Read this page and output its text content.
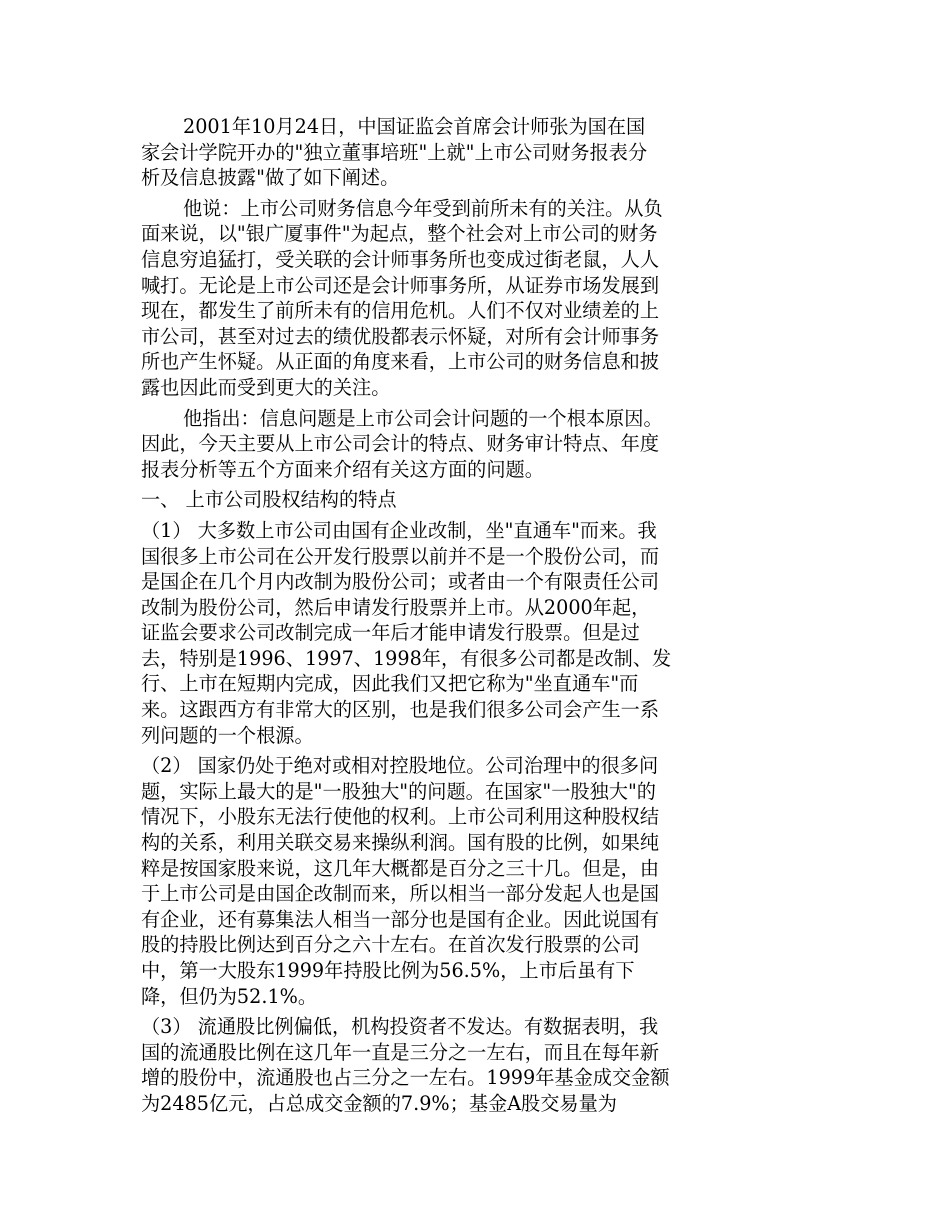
2001年10月24日，中国证监会首席会计师张为国在国
家会计学院开办的"独立董事培班"上就"上市公司财务报表分
析及信息披露"做了如下阐述。
他说：上市公司财务信息今年受到前所未有的关注。从负
面来说，以"银广厦事件"为起点，整个社会对上市公司的财务
信息穷追猛打，受关联的会计师事务所也变成过街老鼠，人人
喊打。无论是上市公司还是会计师事务所，从证券市场发展到
现在，都发生了前所未有的信用危机。人们不仅对业绩差的上
市公司，甚至对过去的绩优股都表示怀疑，对所有会计师事务
所也产生怀疑。从正面的角度来看，上市公司的财务信息和披
露也因此而受到更大的关注。
他指出：信息问题是上市公司会计问题的一个根本原因。
因此，今天主要从上市公司会计的特点、财务审计特点、年度
报表分析等五个方面来介绍有关这方面的问题。
一、 上市公司股权结构的特点
（1） 大多数上市公司由国有企业改制，坐"直通车"而来。我
国很多上市公司在公开发行股票以前并不是一个股份公司，而
是国企在几个月内改制为股份公司；或者由一个有限责任公司
改制为股份公司，然后申请发行股票并上市。从2000年起，
证监会要求公司改制完成一年后才能申请发行股票。但是过
去，特别是1996、1997、1998年，有很多公司都是改制、发
行、上市在短期内完成，因此我们又把它称为"坐直通车"而
来。这跟西方有非常大的区别，也是我们很多公司会产生一系
列问题的一个根源。
（2） 国家仍处于绝对或相对控股地位。公司治理中的很多问
题，实际上最大的是"一股独大"的问题。在国家"一股独大"的
情况下，小股东无法行使他的权利。上市公司利用这种股权结
构的关系，利用关联交易来操纵利润。国有股的比例，如果纯
粹是按国家股来说，这几年大概都是百分之三十几。但是，由
于上市公司是由国企改制而来，所以相当一部分发起人也是国
有企业，还有募集法人相当一部分也是国有企业。因此说国有
股的持股比例达到百分之六十左右。在首次发行股票的公司
中，第一大股东1999年持股比例为56.5%，上市后虽有下
降，但仍为52.1%。
（3） 流通股比例偏低，机构投资者不发达。有数据表明，我
国的流通股比例在这几年一直是三分之一左右，而且在每年新
增的股份中，流通股也占三分之一左右。1999年基金成交金额
为2485亿元，占总成交金额的7.9%；基金A股交易量为
